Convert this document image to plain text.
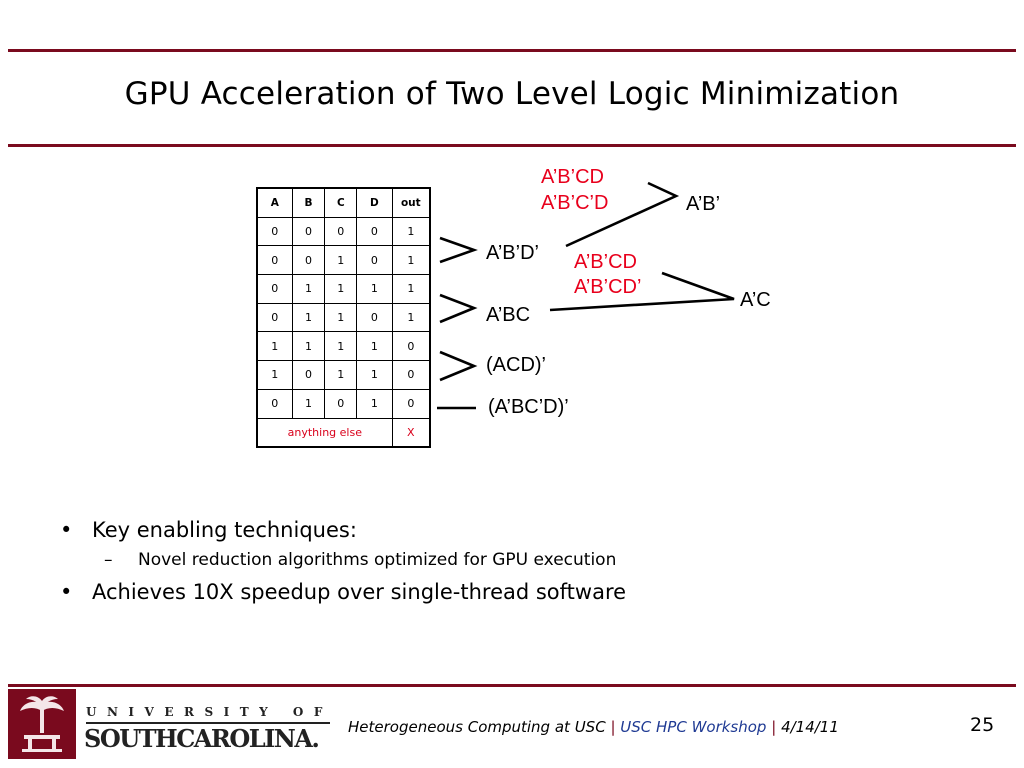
GPU Acceleration of Two Level Logic Minimization
A	B	C	D	out
0	0	0	0	1
0	0	1	0	1
0	1	1	1	1
0	1	1	0	1
1	1	1	1	0
1	0	1	1	0
0	1	0	1	0
anything else				X
A’B’CD
A’B’C’D	A’B’
A’B’D’ A’B’CD
A’B’CD’
A’C
A’BC
(ACD)’
(A’BC’D)’
• Key enabling techniques:
– Novel reduction algorithms optimized for GPU execution
• Achieves 10X speedup over single-thread software
UNIVERSITY OF
SOUTHCAROLINA. Heterogeneous Computing at USC | USC HPC Workshop | 4/14/11	25
